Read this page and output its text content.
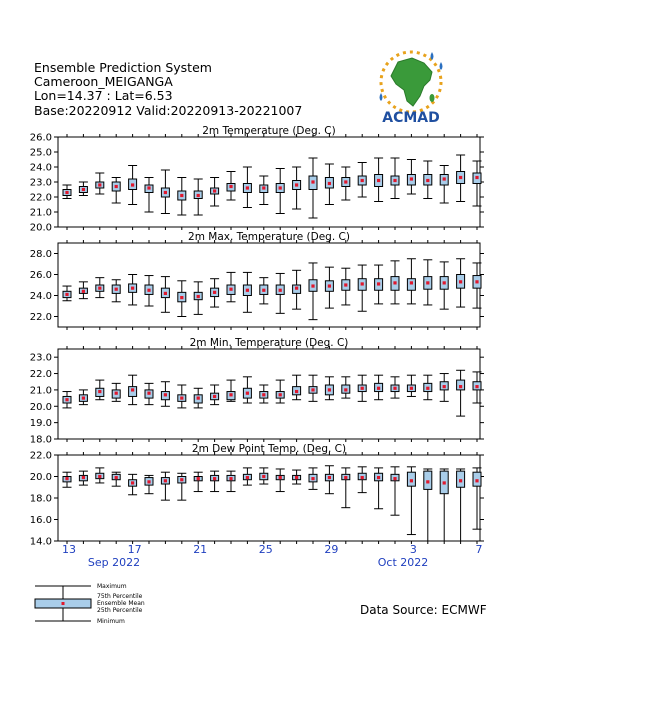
Ensemble Prediction System
Cameroon_MEIGANGA
Lon=14.37 : Lat=6.53
Base:20220912 Valid:20220913-20221007	ACMAD
2m Temperature (Deg. C)
26.0
25.0
24.0
23.0
22.0
21.0
20.0
2m Max. Temperature (Deg. C)
28.0
26.0
24.0
22.0
2m Min. Temperature (Deg. C)
23.0
22.0
21.0
20.0
19.0
18.0
2m Dew Point Temp. (Deg. C)
22.0
20.0
18.0
16.0
14.0
13	17	21	25	29	3	7
Sep 2022	Oct 2022
Maximum
75th Percentile
Ensemble Mean
25th Percentile
Minimum
Data Source: ECMWF
